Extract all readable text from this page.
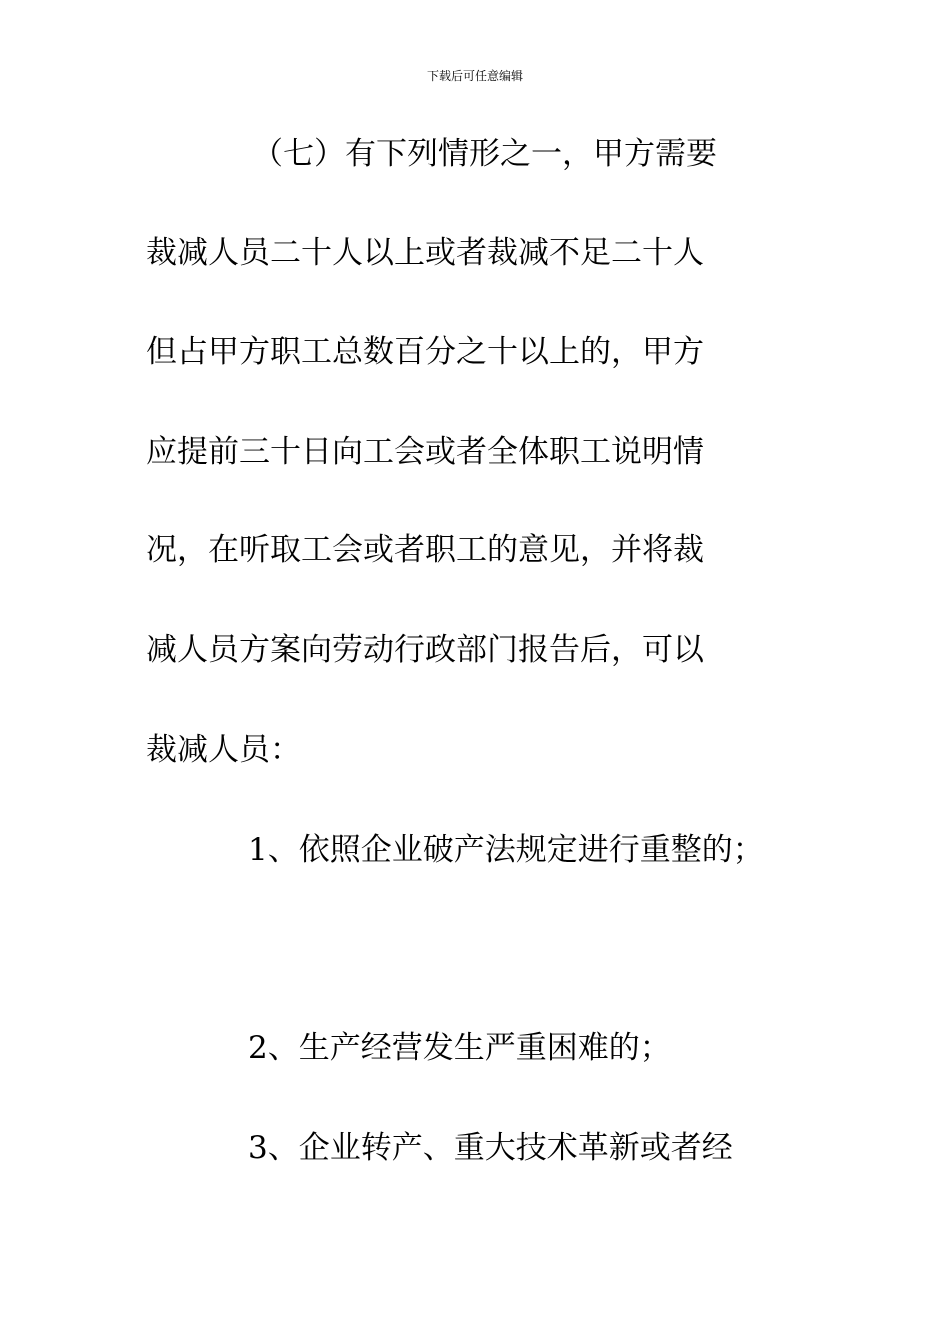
下载后可任意编辑
（七）有下列情形之一，甲方需要
裁减人员二十人以上或者裁减不足二十人
但占甲方职工总数百分之十以上的，甲方
应提前三十日向工会或者全体职工说明情
况，在听取工会或者职工的意见，并将裁
减人员方案向劳动行政部门报告后，可以
裁减人员：
1、依照企业破产法规定进行重整的；
2、生产经营发生严重困难的；
3、企业转产、重大技术革新或者经
